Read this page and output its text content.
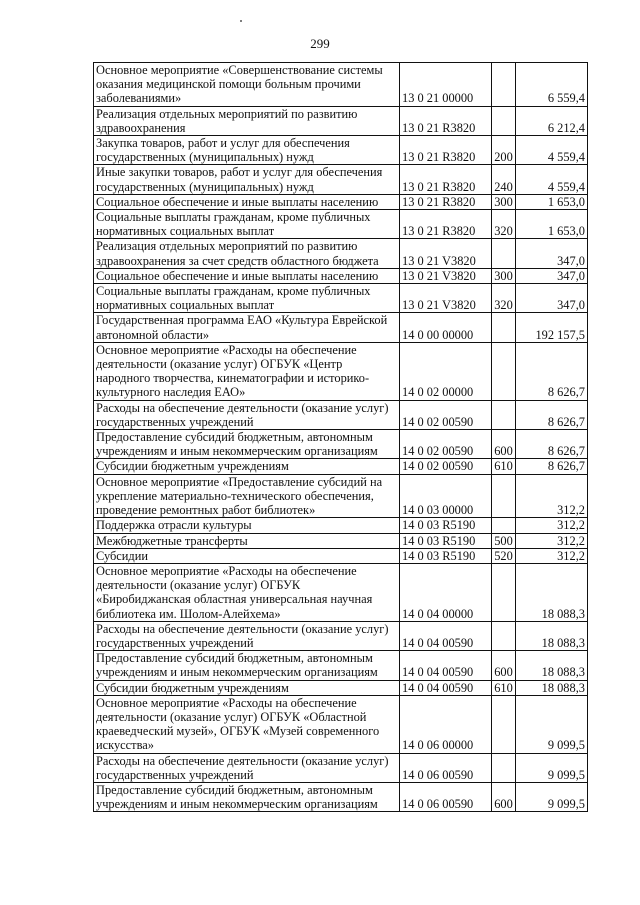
299
Основное мероприятие «Совершенствование системы оказания медицинской помощи больным прочими заболеваниями»	13 0 21 00000		6 559,4
Реализация отдельных мероприятий по развитию здравоохранения	13 0 21 R3820		6 212,4
Закупка товаров, работ и услуг для обеспечения государственных (муниципальных) нужд	13 0 21 R3820	200	4 559,4
Иные закупки товаров, работ и услуг для обеспечения государственных (муниципальных) нужд	13 0 21 R3820	240	4 559,4
Социальное обеспечение и иные выплаты населению	13 0 21 R3820	300	1 653,0
Социальные выплаты гражданам, кроме публичных нормативных социальных выплат	13 0 21 R3820	320	1 653,0
Реализация отдельных мероприятий по развитию здравоохранения за счет средств областного бюджета	13 0 21 V3820		347,0
Социальное обеспечение и иные выплаты населению	13 0 21 V3820	300	347,0
Социальные выплаты гражданам, кроме публичных нормативных социальных выплат	13 0 21 V3820	320	347,0
Государственная программа ЕАО «Культура Еврейской автономной области»	14 0 00 00000		192 157,5
Основное мероприятие «Расходы на обеспечение деятельности (оказание услуг) ОГБУК «Центр народного творчества, кинематографии и историко-культурного наследия ЕАО»	14 0 02 00000		8 626,7
Расходы на обеспечение деятельности (оказание услуг) государственных учреждений	14 0 02 00590		8 626,7
Предоставление субсидий бюджетным, автономным учреждениям и иным некоммерческим организациям	14 0 02 00590	600	8 626,7
Субсидии бюджетным учреждениям	14 0 02 00590	610	8 626,7
Основное мероприятие «Предоставление субсидий на укрепление материально-технического обеспечения, проведение ремонтных работ библиотек»	14 0 03 00000		312,2
Поддержка отрасли культуры	14 0 03 R5190		312,2
Межбюджетные трансферты	14 0 03 R5190	500	312,2
Субсидии	14 0 03 R5190	520	312,2
Основное мероприятие «Расходы на обеспечение деятельности (оказание услуг) ОГБУК «Биробиджанская областная универсальная научная библиотека им. Шолом-Алейхема»	14 0 04 00000		18 088,3
Расходы на обеспечение деятельности (оказание услуг) государственных учреждений	14 0 04 00590		18 088,3
Предоставление субсидий бюджетным, автономным учреждениям и иным некоммерческим организациям	14 0 04 00590	600	18 088,3
Субсидии бюджетным учреждениям	14 0 04 00590	610	18 088,3
Основное мероприятие «Расходы на обеспечение деятельности (оказание услуг) ОГБУК «Областной краеведческий музей», ОГБУК «Музей современного искусства»	14 0 06 00000		9 099,5
Расходы на обеспечение деятельности (оказание услуг) государственных учреждений	14 0 06 00590		9 099,5
Предоставление субсидий бюджетным, автономным учреждениям и иным некоммерческим организациям	14 0 06 00590	600	9 099,5
